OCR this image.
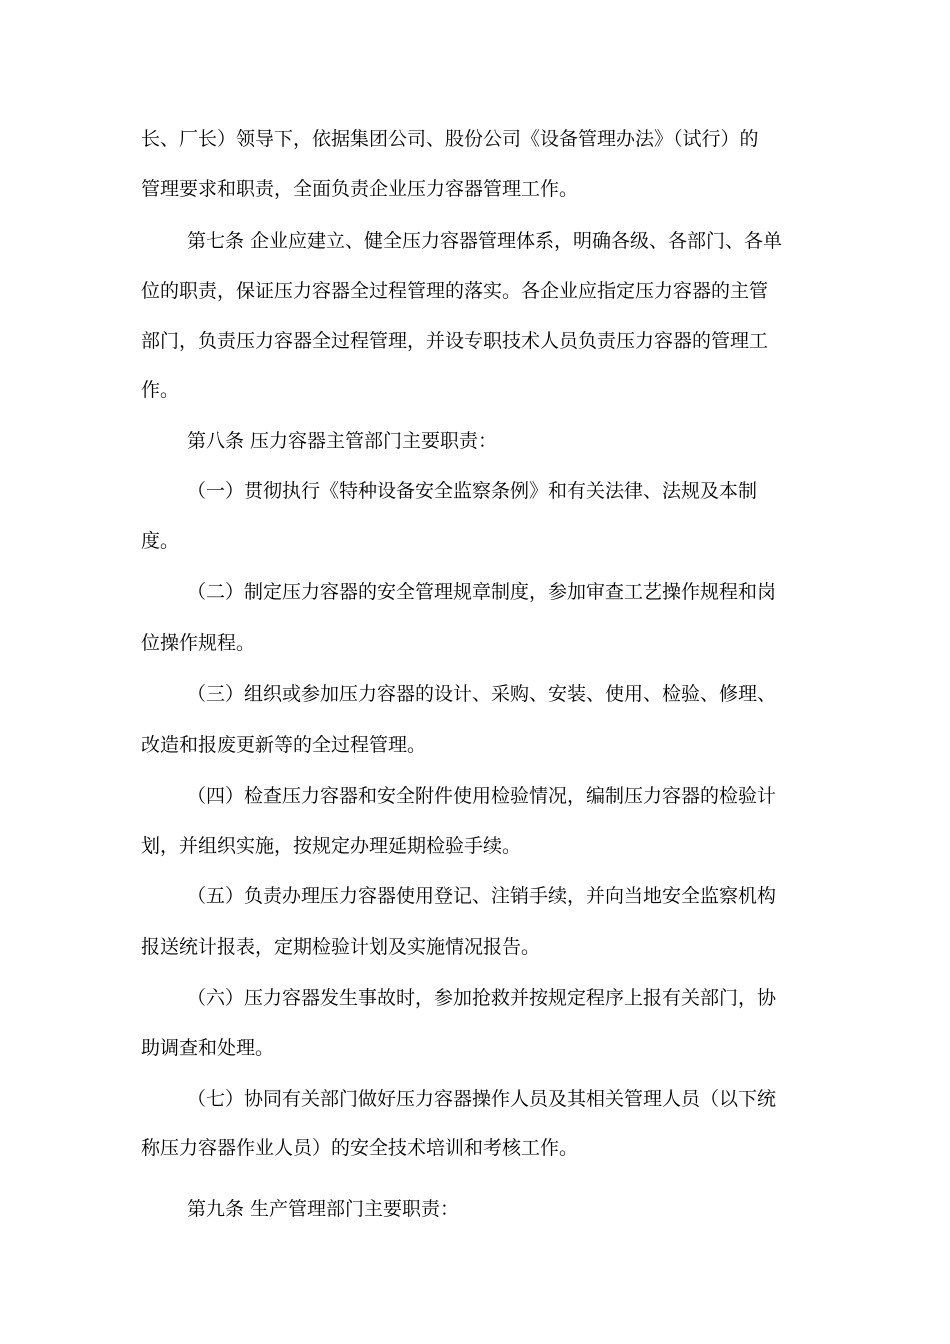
长、厂长）领导下，依据集团公司、股份公司《设备管理办法》（试行）的
管理要求和职责，全面负责企业压力容器管理工作。
第七条 企业应建立、健全压力容器管理体系，明确各级、各部门、各单
位的职责，保证压力容器全过程管理的落实。各企业应指定压力容器的主管
部门，负责压力容器全过程管理，并设专职技术人员负责压力容器的管理工
作。
第八条 压力容器主管部门主要职责：
（一）贯彻执行《特种设备安全监察条例》和有关法律、法规及本制
度。
（二）制定压力容器的安全管理规章制度，参加审查工艺操作规程和岗
位操作规程。
（三）组织或参加压力容器的设计、采购、安装、使用、检验、修理、
改造和报废更新等的全过程管理。
（四）检查压力容器和安全附件使用检验情况，编制压力容器的检验计
划，并组织实施，按规定办理延期检验手续。
（五）负责办理压力容器使用登记、注销手续，并向当地安全监察机构
报送统计报表，定期检验计划及实施情况报告。
（六）压力容器发生事故时，参加抢救并按规定程序上报有关部门，协
助调查和处理。
（七）协同有关部门做好压力容器操作人员及其相关管理人员（以下统
称压力容器作业人员）的安全技术培训和考核工作。
第九条 生产管理部门主要职责：
